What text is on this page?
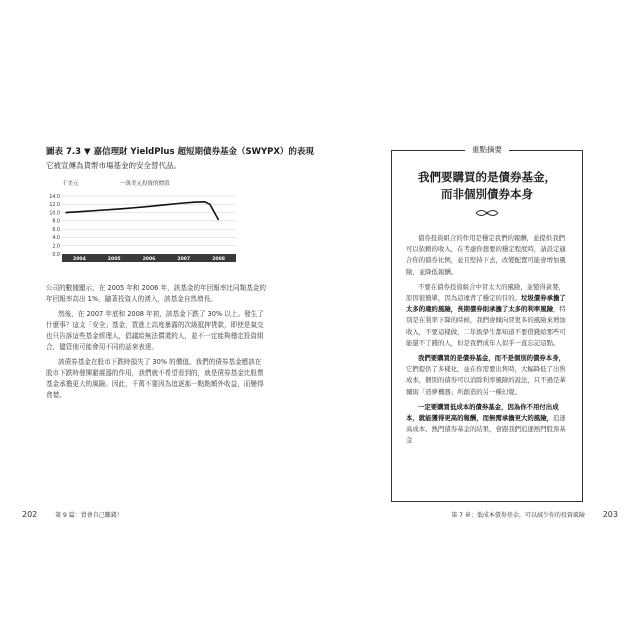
圖表 7.3 ▼ 嘉信理財 YieldPlus 超短期債券基金（SWYPX）的表現
它被宣傳為貨幣市場基金的安全替代品。
千美元	一萬美元投資的價值
0.0
2.0
4.0
6.0
8.0
10.0
12.0
14.0
2004	2005	2006	2007	2008

公司的數據顯示，在 2005 年和 2006 年，該基金的年回報率比同類基金的年回報率高出 1%，隨著投資人的湧入，該基金自然增長。

然後，在 2007 年底和 2008 年初，該基金下跌了 30% 以上。發生了什麼事？這支「安全」基金，買進上高度暴露的次級抵押貸款，即使是氣交也只告訴這些基金經理人，倡議給無法償還的人，並不一定能夠穩定投資組合，儘管他可能會用不同的話來表達。

該債券基金在股市下跌時損失了 30% 的價值。我們的債券基金應該在股市下跌時發揮避震器的作用，我們就不希望看到的，就是債券基金比股票基金承擔更大的風險。因此，千萬不要因為追逐那一點點額外收益，而變得貪婪。

202	第 9 篇：買會自己賺錢！
重點摘要
我們要購買的是債券基金，
而非個別債券本身

債券投資組合的作用是穩定我們的報酬，並提供我們可以依賴的收入，在考慮你想要的穩定程度時，請設定適合你的債券比例，並且堅持下去，改變配置可能會增加風險，並降低報酬。

不要在債券投資組合中冒太大的風險，並變得貪婪，原因很簡單，因為這違背了穩定的目的。垃圾債券承擔了太多的違約風險，長期債券則承擔了太多的利率風險，特別是在利率下降的時候，我們會傾向冒更多的風險來增加收入，不要這樣做，二年級學生都知道不要借錢給那些可能還不了錢的人，但是我們成年人似乎一直忘記這點。

我們要購買的是債券基金，而不是個別的債券本身，它們提供了多樣化，並在你需要出售時，大幅降低了出售成本，個別的債券可以消除利率風險的說法，只不過是華爾街「造夢機器」所創造的另一種幻覺。

一定要購買低成本的債券基金，因為你不用付出成本，就能獲得更高的報酬，而無需承擔更大的風險，追逐高成本、熱門債券基金的結果，會跟我們追逐熱門股票基金

第 7 章：低成本債券基金，可以減少你的投資風險 203
